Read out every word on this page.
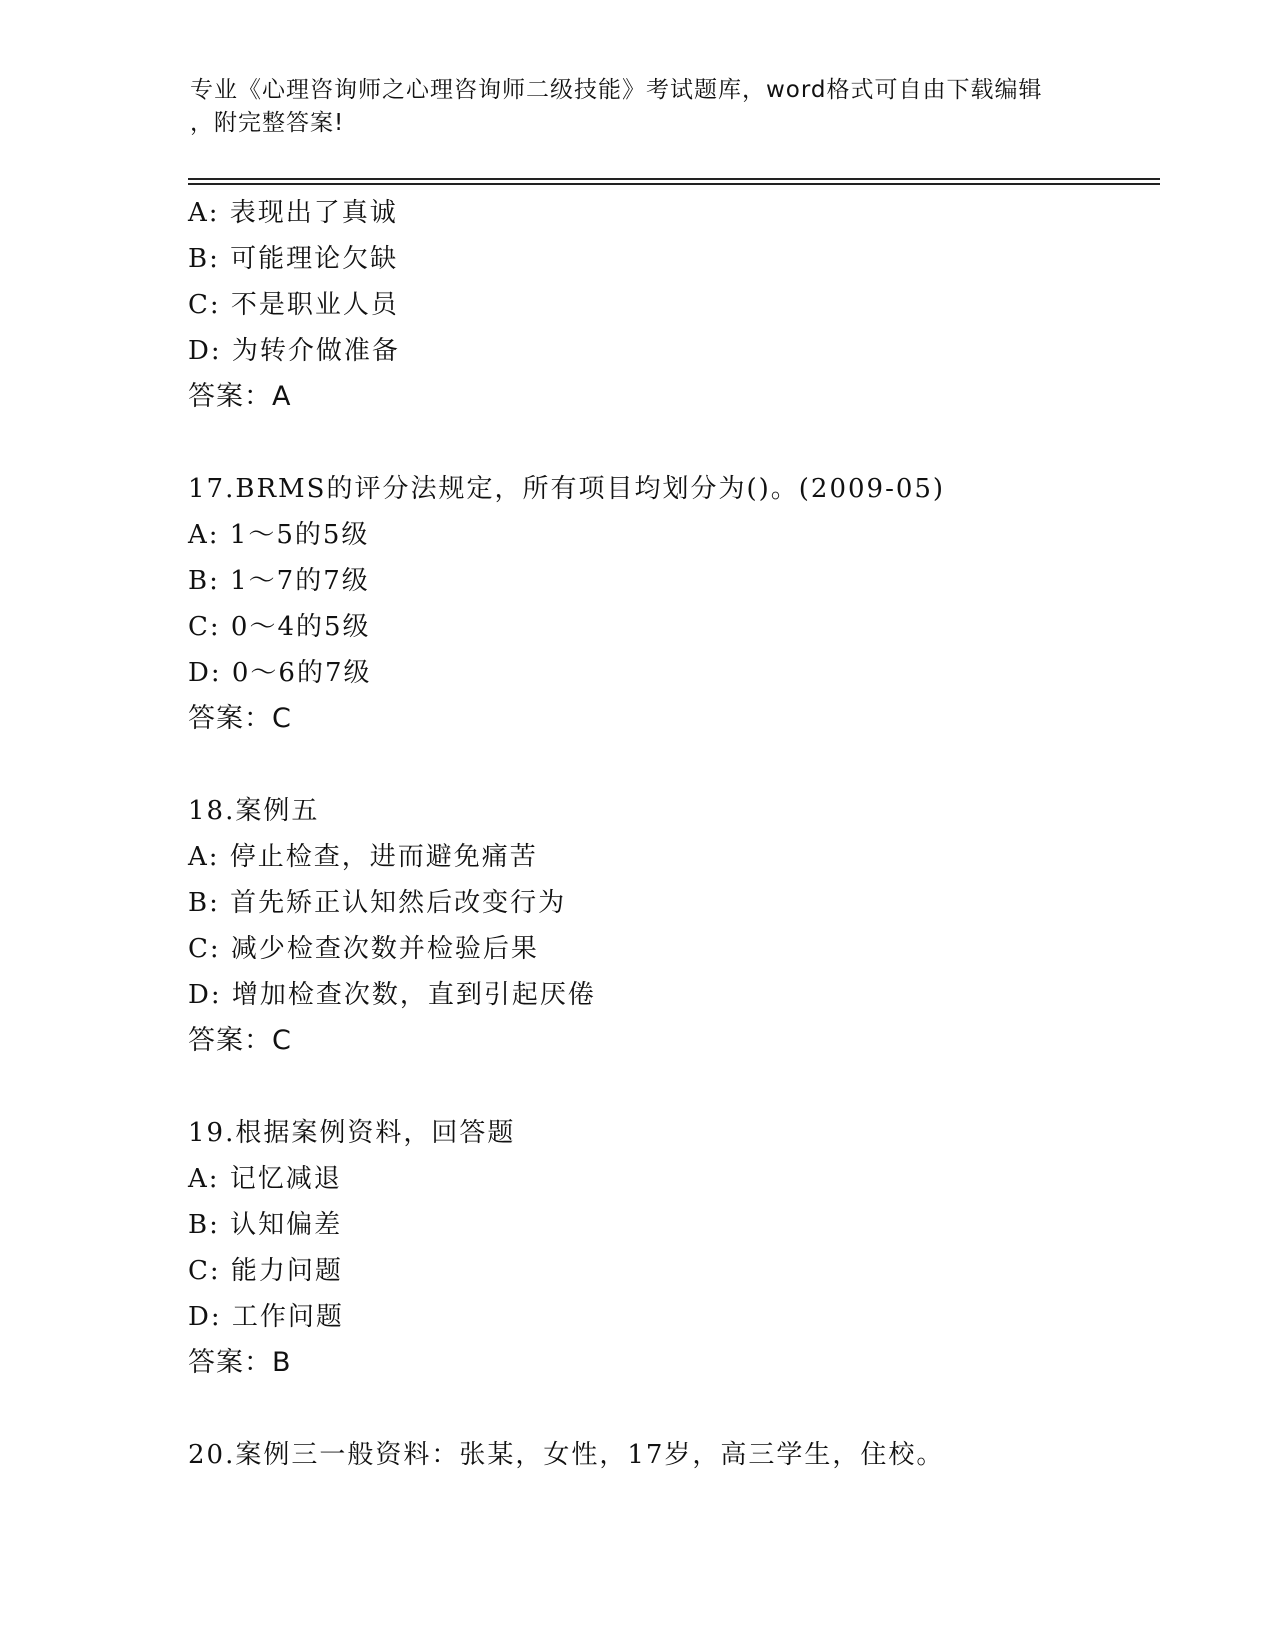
专业《心理咨询师之心理咨询师二级技能》考试题库，word格式可自由下载编辑
，附完整答案!
A: 表现出了真诚
B: 可能理论欠缺
C: 不是职业人员
D: 为转介做准备
答案：A
17.BRMS的评分法规定，所有项目均划分为()。(2009-05)
A: 1～5的5级
B: 1～7的7级
C: 0～4的5级
D: 0～6的7级
答案：C
18.案例五
A: 停止检查，进而避免痛苦
B: 首先矫正认知然后改变行为
C: 减少检查次数并检验后果
D: 增加检查次数，直到引起厌倦
答案：C
19.根据案例资料，回答题
A: 记忆减退
B: 认知偏差
C: 能力问题
D: 工作问题
答案：B
20.案例三一般资料：张某，女性，17岁，高三学生，住校。
